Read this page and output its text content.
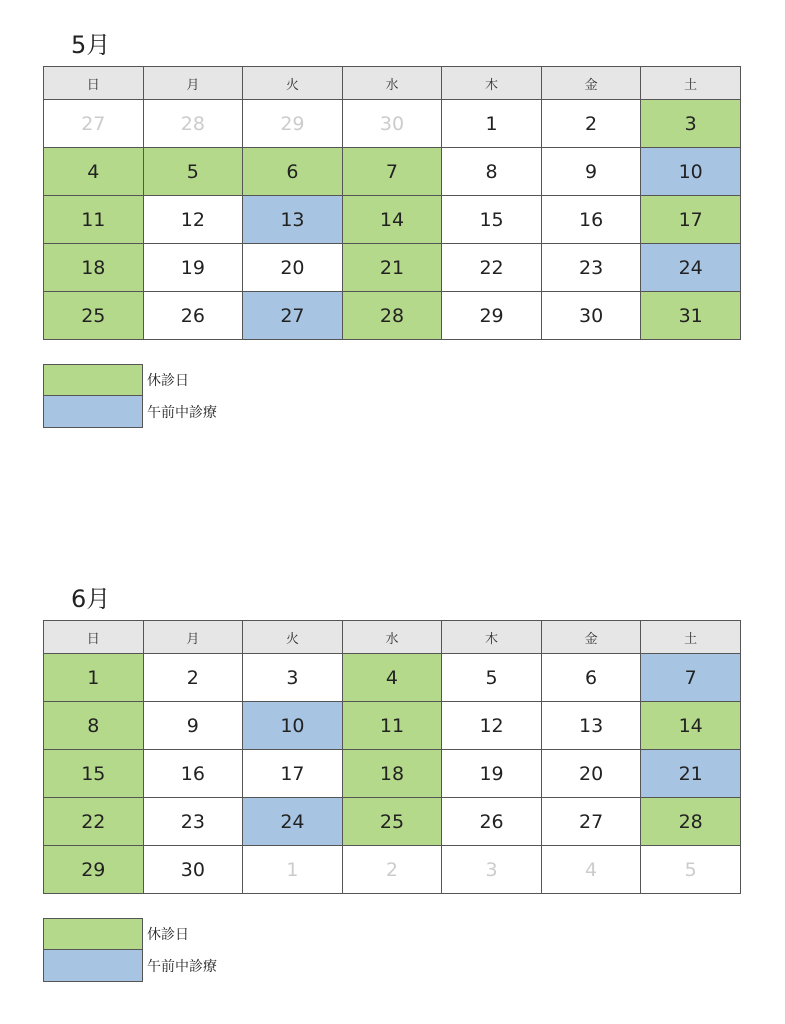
5月
日	月	火	水	木	金	土
27	28	29	30	1	2	3
4	5	6	7	8	9	10
11	12	13	14	15	16	17
18	19	20	21	22	23	24
25	26	27	28	29	30	31
休診日
午前中診療
6月
日	月	火	水	木	金	土
1	2	3	4	5	6	7
8	9	10	11	12	13	14
15	16	17	18	19	20	21
22	23	24	25	26	27	28
29	30	1	2	3	4	5
休診日
午前中診療
